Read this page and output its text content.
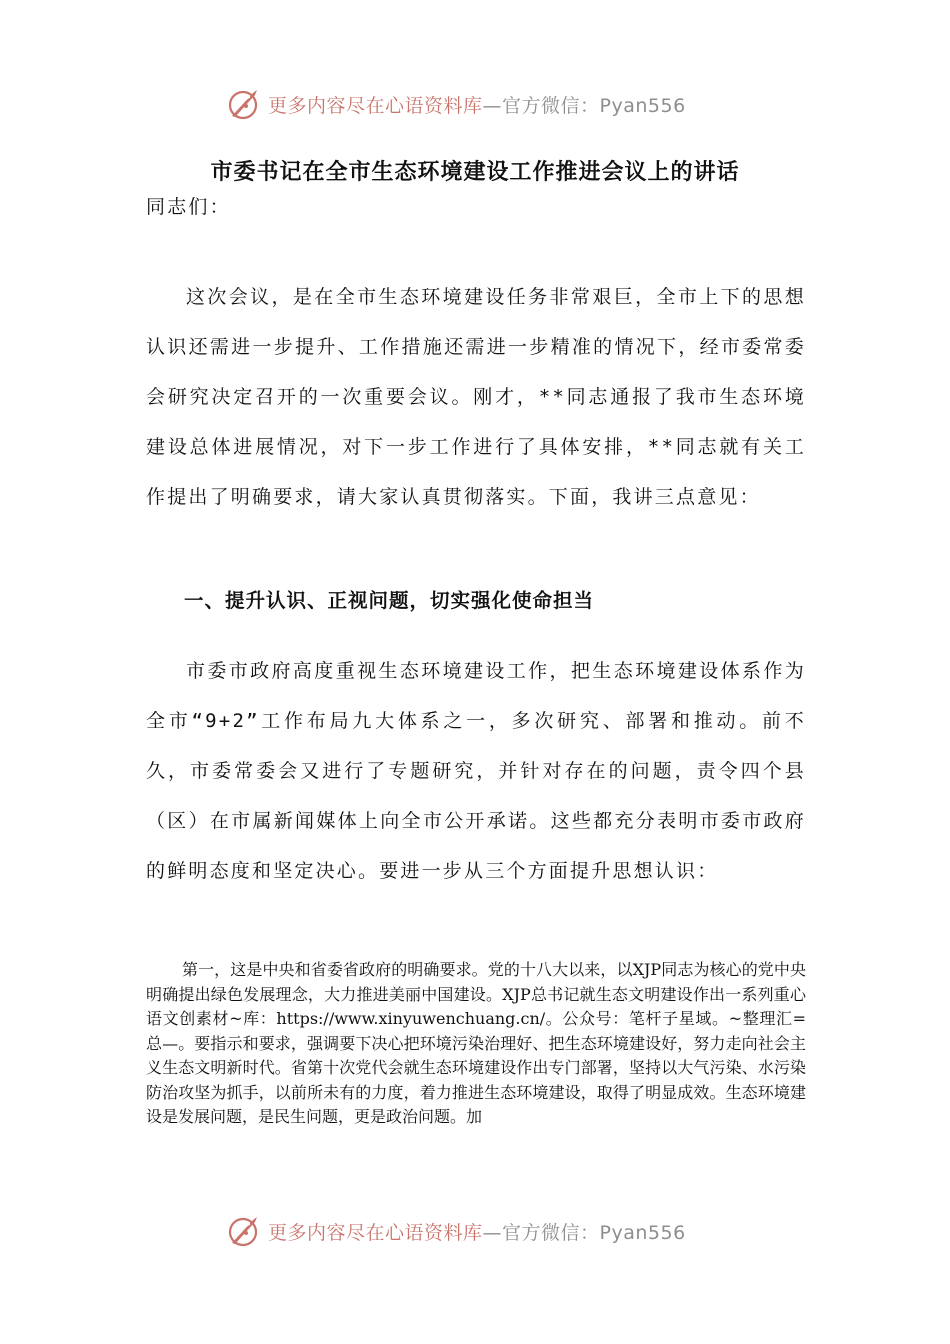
更多内容尽在心语资料库—官方微信：Pyan556
市委书记在全市生态环境建设工作推进会议上的讲话

同志们：

这次会议，是在全市生态环境建设任务非常艰巨，全市上下的思想认识还需进一步提升、工作措施还需进一步精准的情况下，经市委常委会研究决定召开的一次重要会议。刚才，**同志通报了我市生态环境建设总体进展情况，对下一步工作进行了具体安排，**同志就有关工作提出了明确要求，请大家认真贯彻落实。下面，我讲三点意见：

一、提升认识、正视问题，切实强化使命担当

市委市政府高度重视生态环境建设工作，把生态环境建设体系作为全市“9+2”工作布局九大体系之一，多次研究、部署和推动。前不久，市委常委会又进行了专题研究，并针对存在的问题，责令四个县（区）在市属新闻媒体上向全市公开承诺。这些都充分表明市委市政府的鲜明态度和坚定决心。要进一步从三个方面提升思想认识：

第一，这是中央和省委省政府的明确要求。党的十八大以来，以XJP同志为核心的党中央明确提出绿色发展理念，大力推进美丽中国建设。XJP总书记就生态文明建设作出一系列重心语文创素材~库：https://www.xinyuwenchuang.cn/。公众号：笔杆子星域。~整理汇=总—。要指示和要求，强调要下决心把环境污染治理好、把生态环境建设好，努力走向社会主义生态文明新时代。省第十次党代会就生态环境建设作出专门部署，坚持以大气污染、水污染防治攻坚为抓手，以前所未有的力度，着力推进生态环境建设，取得了明显成效。生态环境建设是发展问题，是民生问题，更是政治问题。加

更多内容尽在心语资料库—官方微信：Pyan556
